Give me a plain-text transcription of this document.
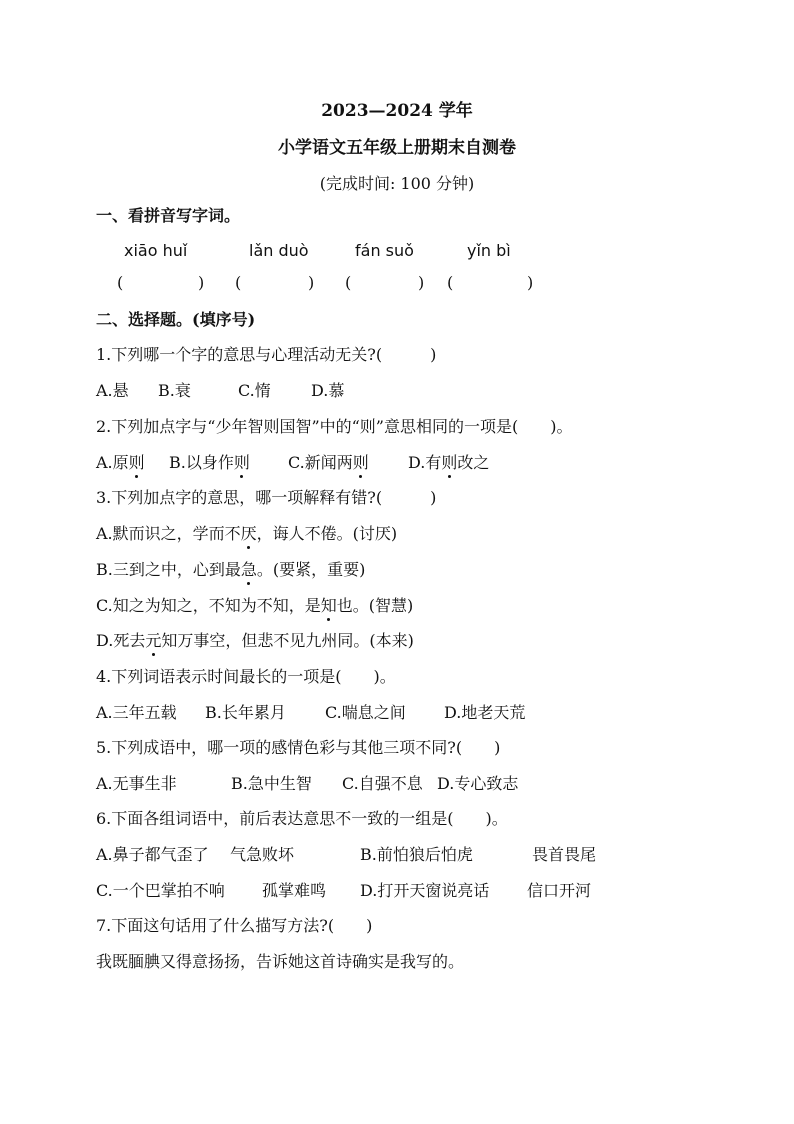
2023—2024 学年
小学语文五年级上册期末自测卷
(完成时间: 100 分钟)
一、看拼音写字词。
xiāo huǐ	lǎn duò	fán suǒ	yǐn bì
(	) (	) (	) (	)
二、选择题。(填序号)
1.下列哪一个字的意思与心理活动无关?(　　　)
A.悬 B.衰	C.惰	D.慕
2.下列加点字与“少年智则国智”中的“则”意思相同的一项是(　　)。
A.原则 B.以身作则 C.新闻两则 D.有则改之
3.下列加点字的意思，哪一项解释有错?(　　　)
A.默而识之，学而不厌，诲人不倦。(讨厌)
B.三到之中，心到最急。(要紧，重要)
C.知之为知之，不知为不知，是知也。(智慧)
D.死去元知万事空，但悲不见九州同。(本来)
4.下列词语表示时间最长的一项是(　　)。
A.三年五载 B.长年累月 C.喘息之间 D.地老天荒
5.下列成语中，哪一项的感情色彩与其他三项不同?(　　)
A.无事生非	B.急中生智 C.自强不息 D.专心致志
6.下面各组词语中，前后表达意思不一致的一组是(　　)。
A.鼻子都气歪了 气急败坏	B.前怕狼后怕虎	畏首畏尾
C.一个巴掌拍不响 孤掌难鸣 D.打开天窗说亮话 信口开河
7.下面这句话用了什么描写方法?(　　)
我既腼腆又得意扬扬，告诉她这首诗确实是我写的。
